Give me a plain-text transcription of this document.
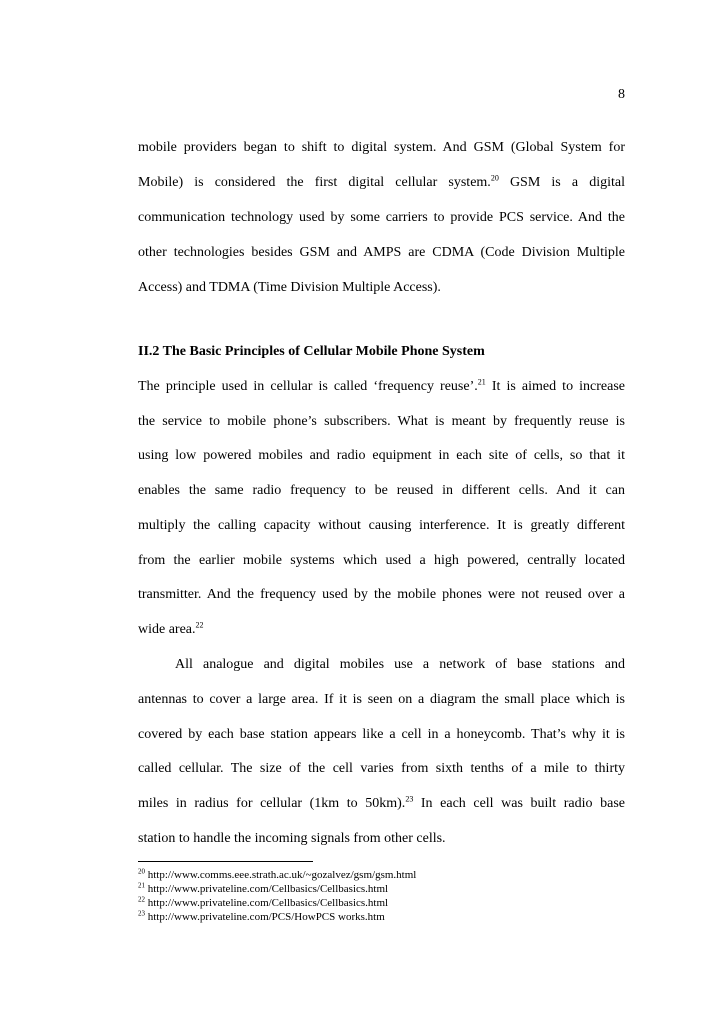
8
mobile providers began to shift to digital system. And GSM (Global System for
Mobile) is considered the first digital cellular system.$^{20}$ GSM is a digital
communication technology used by some carriers to provide PCS service. And the
other technologies besides GSM and AMPS are CDMA (Code Division Multiple
Access) and TDMA (Time Division Multiple Access).
II.2 The Basic Principles of Cellular Mobile Phone System
The principle used in cellular is called ‘frequency reuse’.$^{21}$ It is aimed to increase
the service to mobile phone’s subscribers. What is meant by frequently reuse is
using low powered mobiles and radio equipment in each site of cells, so that it
enables the same radio frequency to be reused in different cells. And it can
multiply the calling capacity without causing interference. It is greatly different
from the earlier mobile systems which used a high powered, centrally located
transmitter. And the frequency used by the mobile phones were not reused over a
wide area.$^{22}$
All analogue and digital mobiles use a network of base stations and
antennas to cover a large area. If it is seen on a diagram the small place which is
covered by each base station appears like a cell in a honeycomb. That’s why it is
called cellular. The size of the cell varies from sixth tenths of a mile to thirty
miles in radius for cellular (1km to 50km).$^{23}$ In each cell was built radio base
station to handle the incoming signals from other cells.
$^{20}$ http://www.comms.eee.strath.ac.uk/~gozalvez/gsm/gsm.html
$^{21}$ http://www.privateline.com/Cellbasics/Cellbasics.html
$^{22}$ http://www.privateline.com/Cellbasics/Cellbasics.html
$^{23}$ http://www.privateline.com/PCS/HowPCS works.htm
